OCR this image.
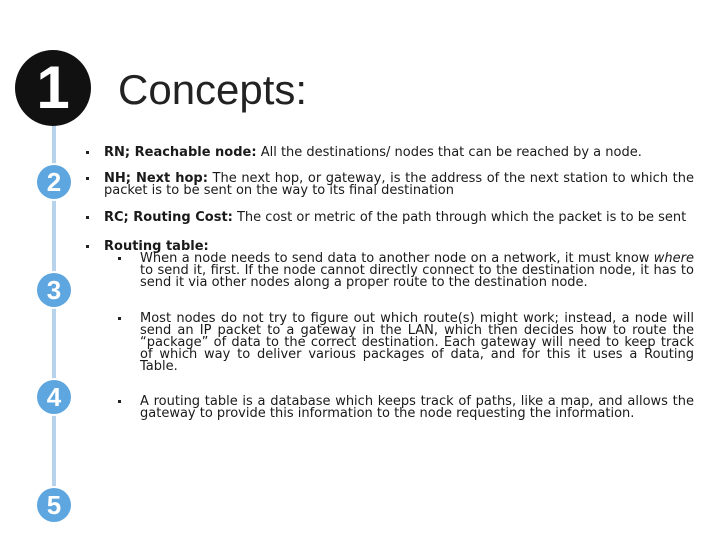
1
2
3
4
5
Concepts:

RN; Reachable node: All the destinations/ nodes that can be reached by a node.

NH; Next hop: The next hop, or gateway, is the address of the next station to which the packet is to be sent on the way to its final destination

RC; Routing Cost: The cost or metric of the path through which the packet is to be sent

Routing table:

When a node needs to send data to another node on a network, it must know where to send it, first. If the node cannot directly connect to the destination node, it has to send it via other nodes along a proper route to the destination node.

Most nodes do not try to figure out which route(s) might work; instead, a node will send an IP packet to a gateway in the LAN, which then decides how to route the “package” of data to the correct destination. Each gateway will need to keep track of which way to deliver various packages of data, and for this it uses a Routing Table.

A routing table is a database which keeps track of paths, like a map, and allows the gateway to provide this information to the node requesting the information.
